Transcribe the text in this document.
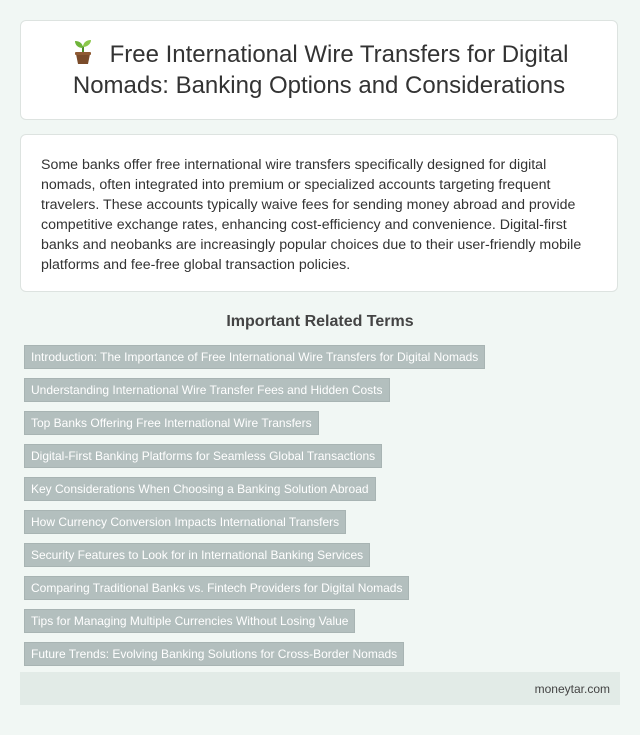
Free International Wire Transfers for Digital Nomads: Banking Options and Considerations

Some banks offer free international wire transfers specifically designed for digital nomads, often integrated into premium or specialized accounts targeting frequent travelers. These accounts typically waive fees for sending money abroad and provide competitive exchange rates, enhancing cost-efficiency and convenience. Digital-first banks and neobanks are increasingly popular choices due to their user-friendly mobile platforms and fee-free global transaction policies.

Important Related Terms
Introduction: The Importance of Free International Wire Transfers for Digital Nomads
Understanding International Wire Transfer Fees and Hidden Costs
Top Banks Offering Free International Wire Transfers
Digital-First Banking Platforms for Seamless Global Transactions
Key Considerations When Choosing a Banking Solution Abroad
How Currency Conversion Impacts International Transfers
Security Features to Look for in International Banking Services
Comparing Traditional Banks vs. Fintech Providers for Digital Nomads
Tips for Managing Multiple Currencies Without Losing Value
Future Trends: Evolving Banking Solutions for Cross-Border Nomads
moneytar.com
